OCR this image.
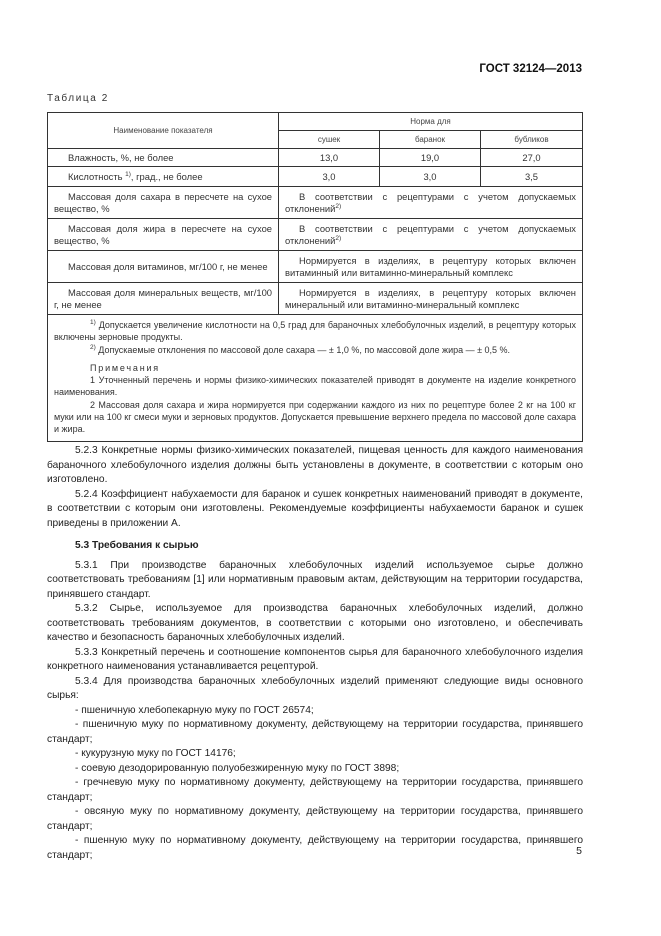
ГОСТ 32124—2013
Таблица 2
Наименование показателя	Норма для		
	сушек	баранок	бубликов
Влажность, %, не более	13,0	19,0	27,0
Кислотность $^{1)}$, град., не более	3,0	3,0	3,5
Массовая доля сахара в пересчете на сухое вещество, %	В соответствии с рецептурами с учетом допускаемых отклонений$^{2)}$
Массовая доля жира в пересчете на сухое вещество, %	В соответствии с рецептурами с учетом допускаемых отклонений$^{2)}$
Массовая доля витаминов, мг/100 г, не менее	Нормируется в изделиях, в рецептуру которых включен витаминный или витаминно-минеральный комплекс		
Массовая доля минеральных веществ, мг/100 г, не менее	Нормируется в изделиях, в рецептуру которых включен минеральный или витаминно-минеральный комплекс		

$^{1)}$ Допускается увеличение кислотности на 0,5 град для бараночных хлебобулочных изделий, в рецептуру которых включены зерновые продукты.

$^{2)}$ Допускаемые отклонения по массовой доле сахара — ± 1,0 %, по массовой доле жира — ± 0,5 %.

Примечания

1 Уточненный перечень и нормы физико-химических показателей приводят в документе на изделие конкретного наименования.

2 Массовая доля сахара и жира нормируется при содержании каждого из них по рецептуре более 2 кг на 100 кг муки или на 100 кг смеси муки и зерновых продуктов. Допускается превышение верхнего предела по массовой доле сахара и жира.			

5.2.3 Конкретные нормы физико-химических показателей, пищевая ценность для каждого наименования бараночного хлебобулочного изделия должны быть установлены в документе, в соответствии с которым оно изготовлено.

5.2.4 Коэффициент набухаемости для баранок и сушек конкретных наименований приводят в документе, в соответствии с которым они изготовлены. Рекомендуемые коэффициенты набухаемости баранок и сушек приведены в приложении А.

5.3 Требования к сырью

5.3.1 При производстве бараночных хлебобулочных изделий используемое сырье должно соответствовать требованиям [1] или нормативным правовым актам, действующим на территории государства, принявшего стандарт.

5.3.2 Сырье, используемое для производства бараночных хлебобулочных изделий, должно соответствовать требованиям документов, в соответствии с которыми оно изготовлено, и обеспечивать качество и безопасность бараночных хлебобулочных изделий.

5.3.3 Конкретный перечень и соотношение компонентов сырья для бараночного хлебобулочного изделия конкретного наименования устанавливается рецептурой.

5.3.4 Для производства бараночных хлебобулочных изделий применяют следующие виды основного сырья:

- пшеничную хлебопекарную муку по ГОСТ 26574;

- пшеничную муку по нормативному документу, действующему на территории государства, принявшего стандарт;

- кукурузную муку по ГОСТ 14176;

- соевую дезодорированную полуобезжиренную муку по ГОСТ 3898;

- гречневую муку по нормативному документу, действующему на территории государства, принявшего стандарт;

- овсяную муку по нормативному документу, действующему на территории государства, принявшего стандарт;

- пшенную муку по нормативному документу, действующему на территории государства, принявшего стандарт;	5
